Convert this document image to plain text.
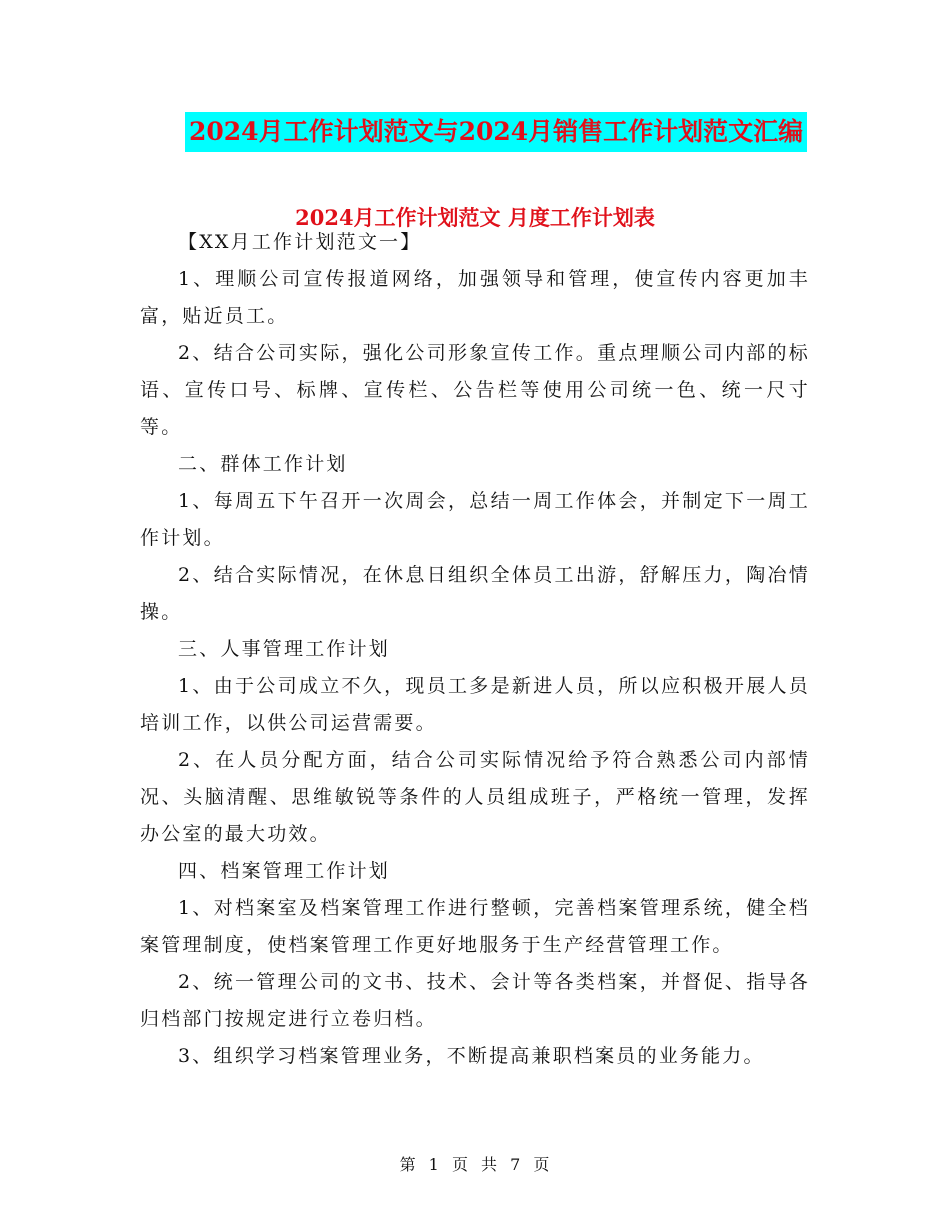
2024月工作计划范文与2024月销售工作计划范文汇编
2024月工作计划范文 月度工作计划表

【XX月工作计划范文一】

1、理顺公司宣传报道网络，加强领导和管理，使宣传内容更加丰富，贴近员工。

2、结合公司实际，强化公司形象宣传工作。重点理顺公司内部的标语、宣传口号、标牌、宣传栏、公告栏等使用公司统一色、统一尺寸等。

二、群体工作计划

1、每周五下午召开一次周会，总结一周工作体会，并制定下一周工作计划。

2、结合实际情况，在休息日组织全体员工出游，舒解压力，陶冶情操。

三、人事管理工作计划

1、由于公司成立不久，现员工多是新进人员，所以应积极开展人员培训工作，以供公司运营需要。

2、在人员分配方面，结合公司实际情况给予符合熟悉公司内部情况、头脑清醒、思维敏锐等条件的人员组成班子，严格统一管理，发挥办公室的最大功效。

四、档案管理工作计划

1、对档案室及档案管理工作进行整顿，完善档案管理系统，健全档案管理制度，使档案管理工作更好地服务于生产经营管理工作。

2、统一管理公司的文书、技术、会计等各类档案，并督促、指导各归档部门按规定进行立卷归档。

3、组织学习档案管理业务，不断提高兼职档案员的业务能力。

第 1 页 共 7 页
